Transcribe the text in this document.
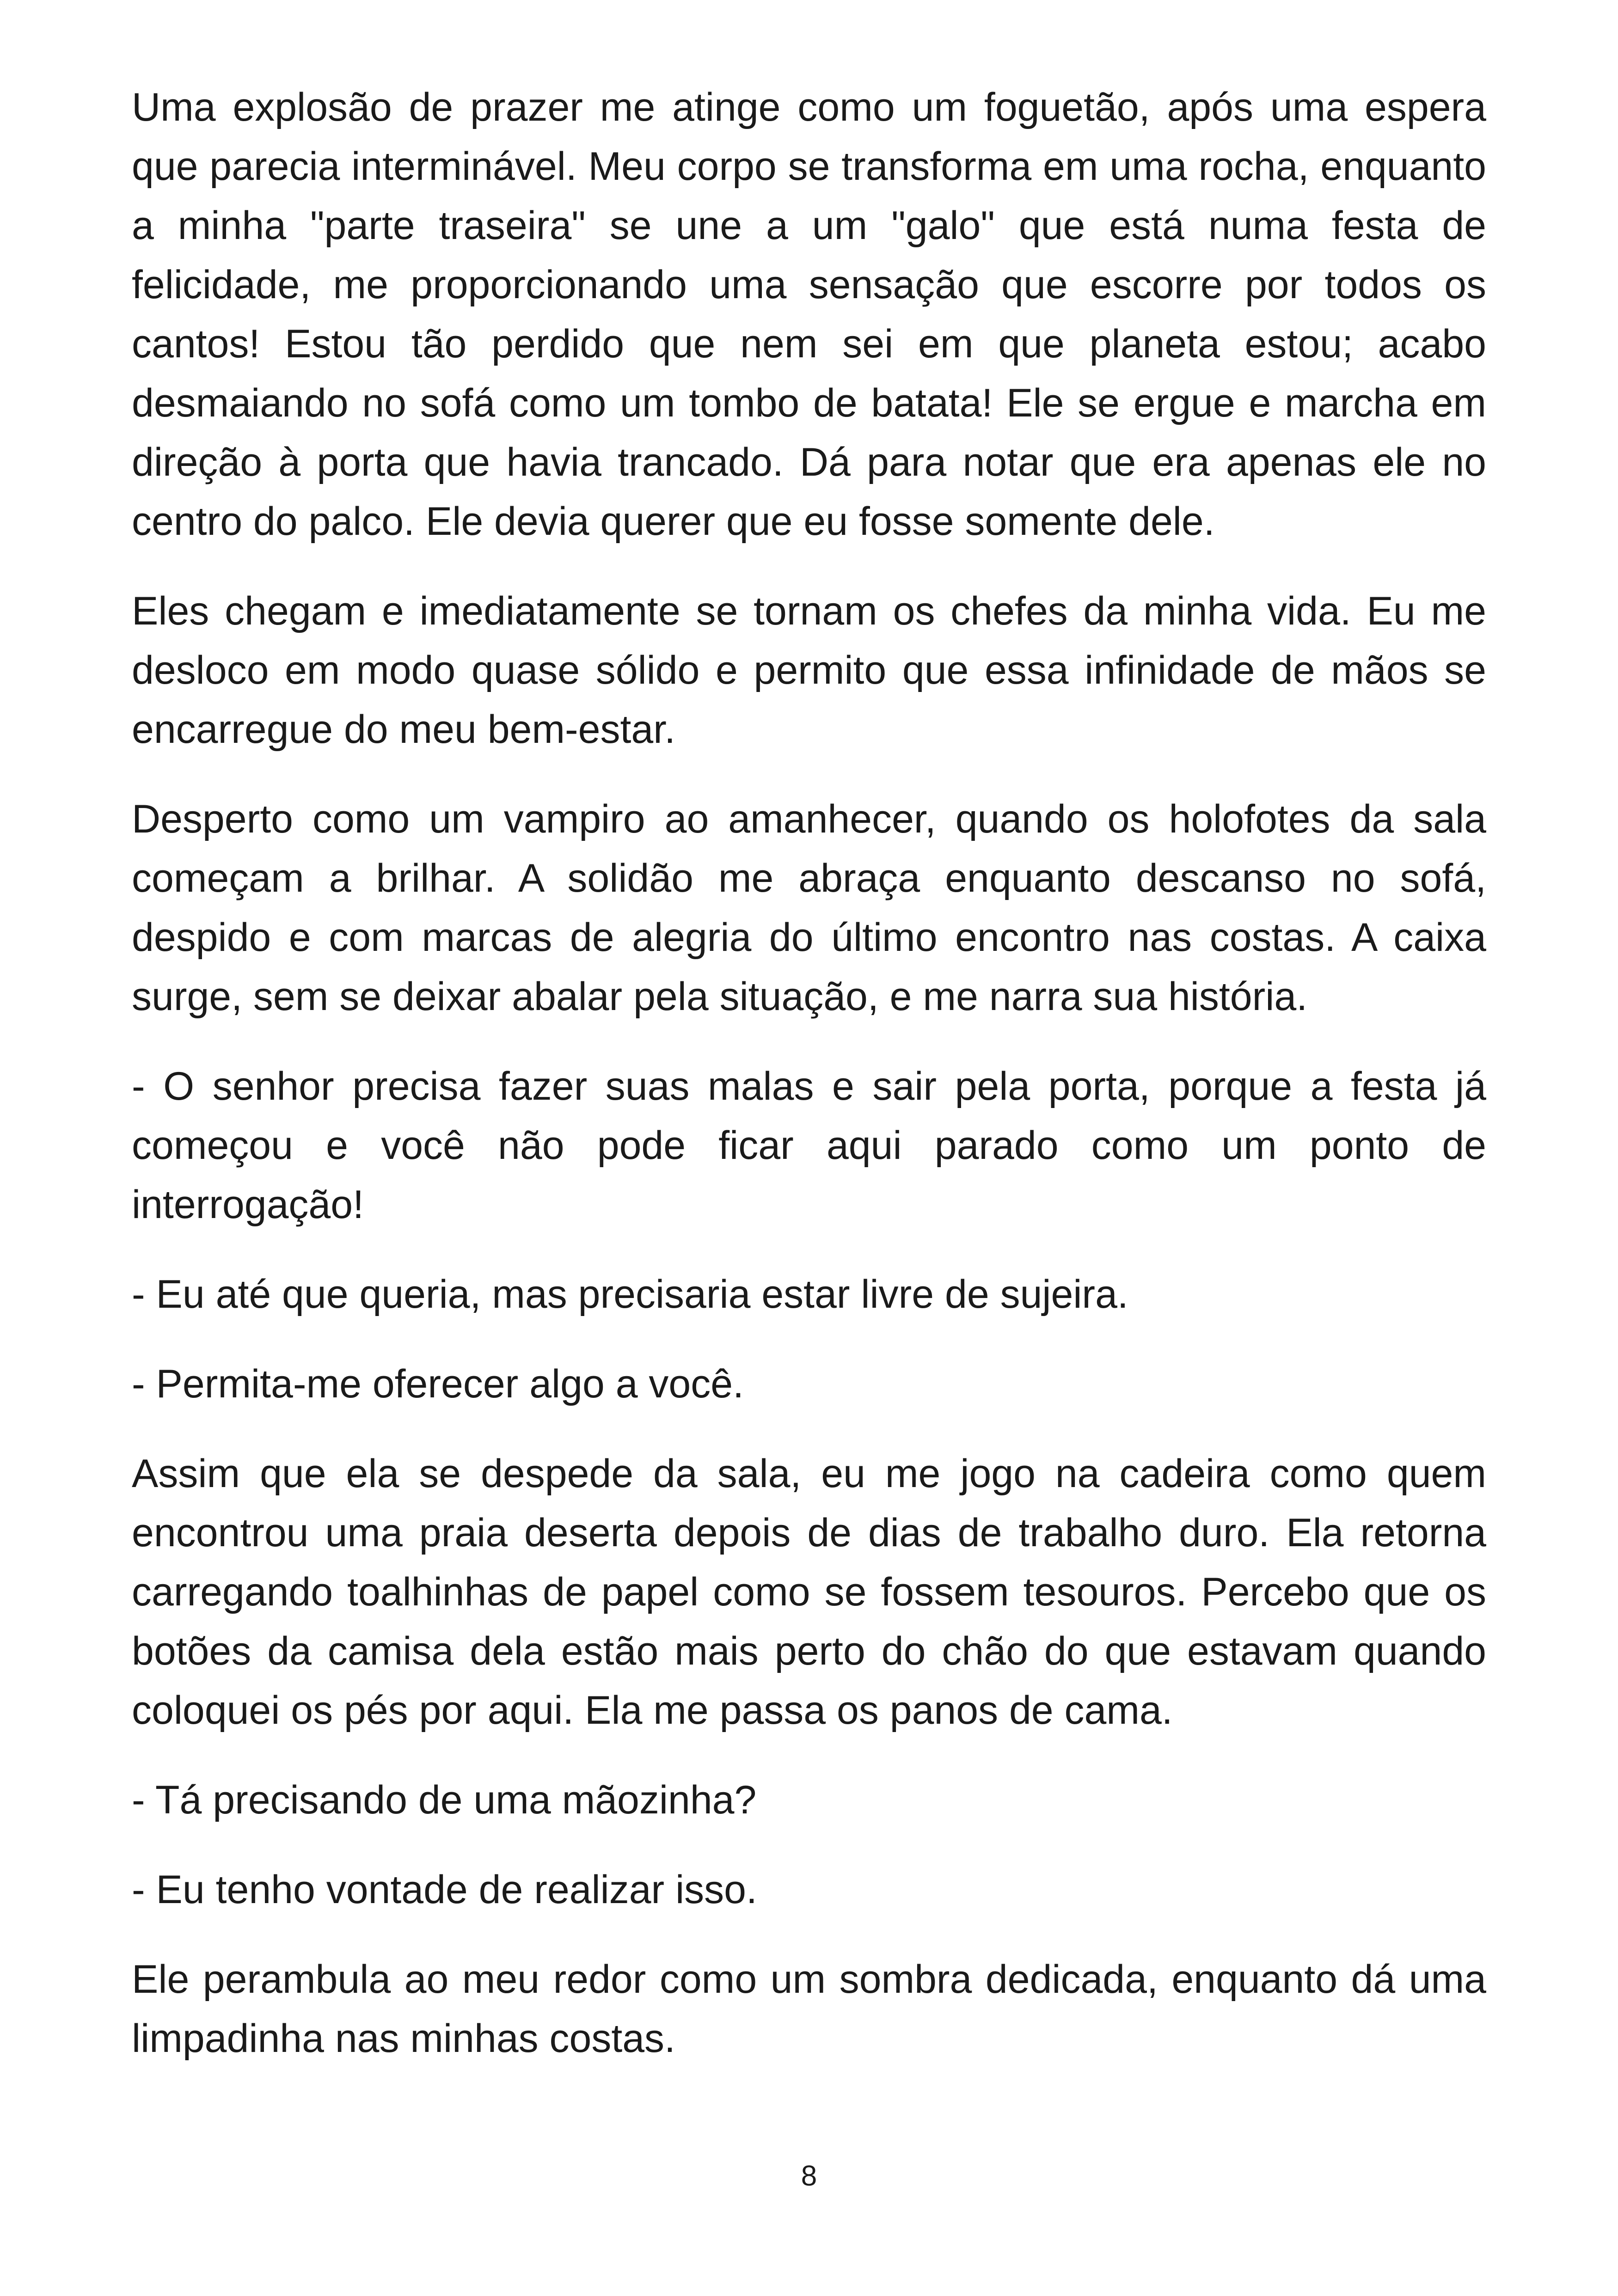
Uma explosão de prazer me atinge como um foguetão, após uma espera que parecia interminável. Meu corpo se transforma em uma rocha, enquanto a minha "parte traseira" se une a um "galo" que está numa festa de felicidade, me proporcionando uma sensação que escorre por todos os cantos! Estou tão perdido que nem sei em que planeta estou; acabo desmaiando no sofá como um tombo de batata! Ele se ergue e marcha em direção à porta que havia trancado. Dá para notar que era apenas ele no centro do palco. Ele devia querer que eu fosse somente dele.

Eles chegam e imediatamente se tornam os chefes da minha vida. Eu me desloco em modo quase sólido e permito que essa infinidade de mãos se encarregue do meu bem-estar.

Desperto como um vampiro ao amanhecer, quando os holofotes da sala começam a brilhar. A solidão me abraça enquanto descanso no sofá, despido e com marcas de alegria do último encontro nas costas. A caixa surge, sem se deixar abalar pela situação, e me narra sua história.

- O senhor precisa fazer suas malas e sair pela porta, porque a festa já começou e você não pode ficar aqui parado como um ponto de interrogação!

- Eu até que queria, mas precisaria estar livre de sujeira.

- Permita-me oferecer algo a você.

Assim que ela se despede da sala, eu me jogo na cadeira como quem encontrou uma praia deserta depois de dias de trabalho duro. Ela retorna carregando toalhinhas de papel como se fossem tesouros. Percebo que os botões da camisa dela estão mais perto do chão do que estavam quando coloquei os pés por aqui. Ela me passa os panos de cama.

- Tá precisando de uma mãozinha?

- Eu tenho vontade de realizar isso.

Ele perambula ao meu redor como um sombra dedicada, enquanto dá uma limpadinha nas minhas costas.

8
